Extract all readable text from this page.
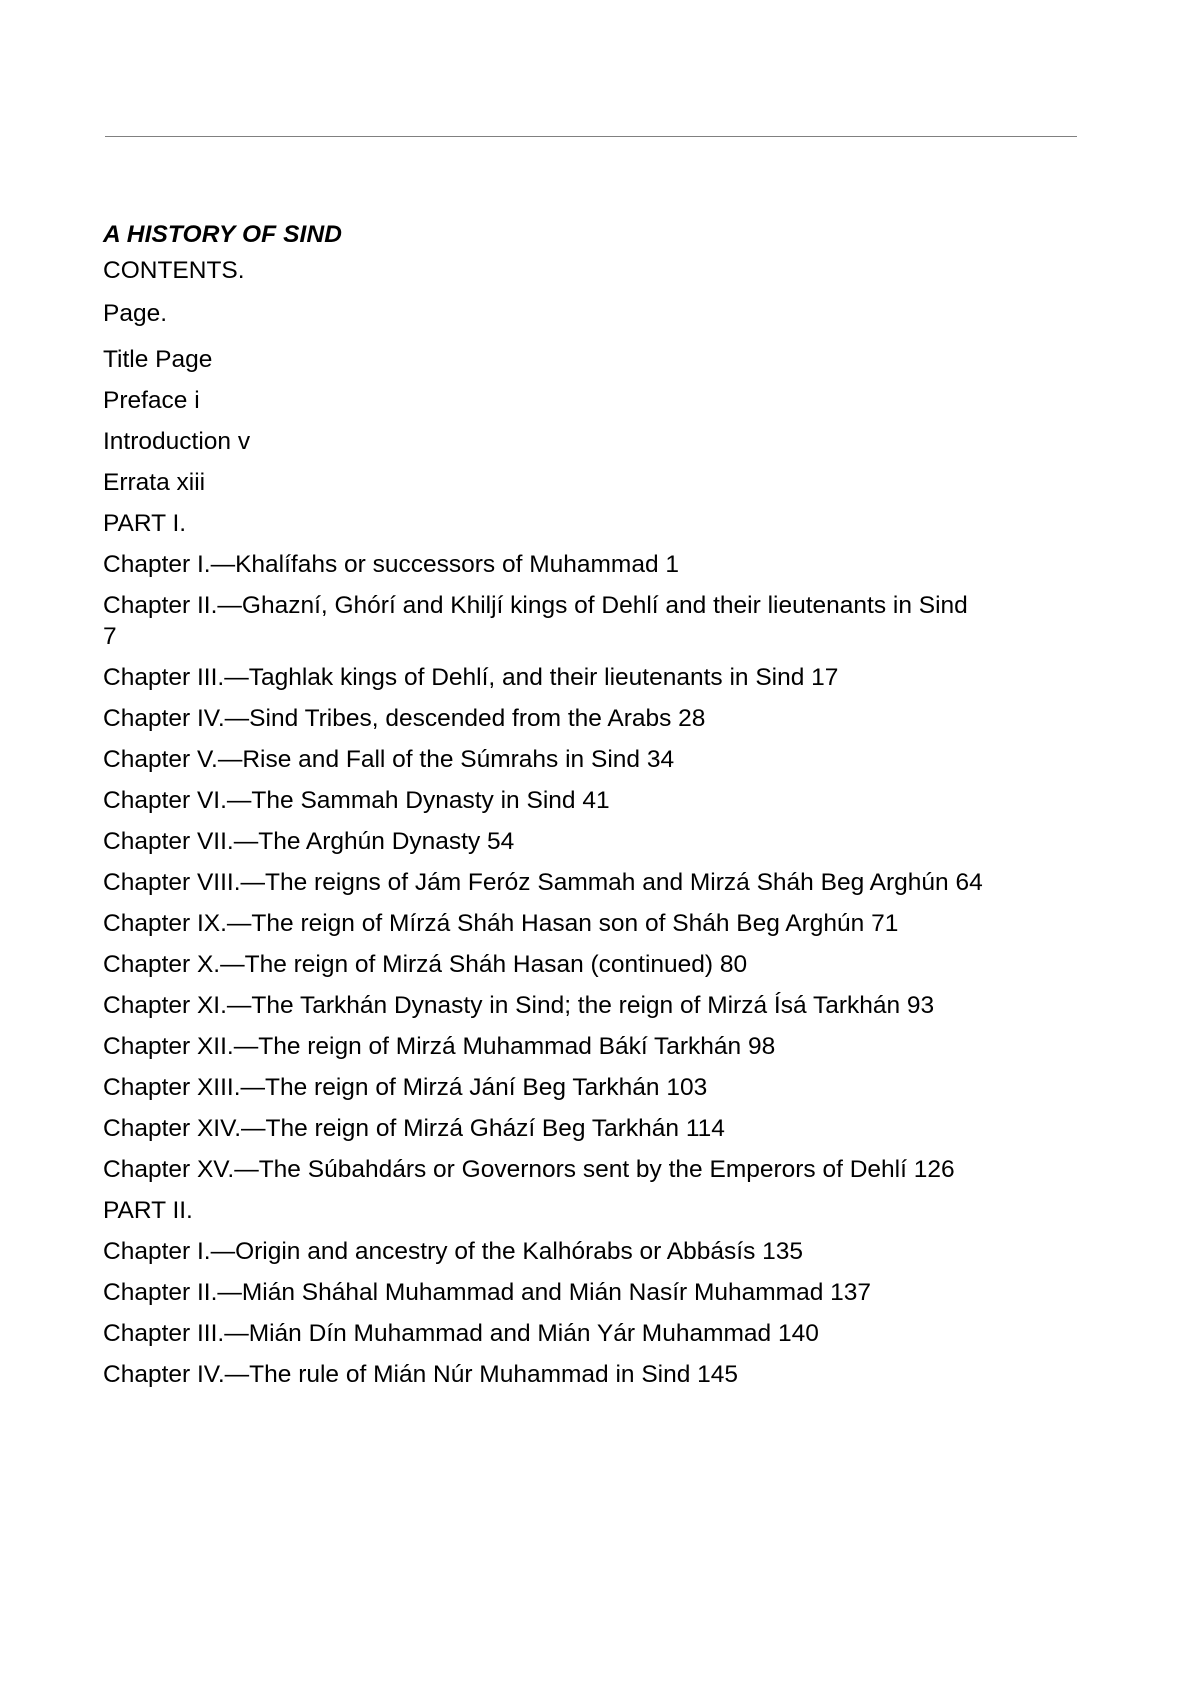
A HISTORY OF SIND
CONTENTS.
Page.
Title Page
Preface i
Introduction v
Errata xiii
PART I.
Chapter I.—Khalífahs or successors of Muhammad 1
Chapter II.—Ghazní, Ghórí and Khiljí kings of Dehlí and their lieutenants in Sind 7
Chapter III.—Taghlak kings of Dehlí, and their lieutenants in Sind 17
Chapter IV.—Sind Tribes, descended from the Arabs 28
Chapter V.—Rise and Fall of the Súmrahs in Sind 34
Chapter VI.—The Sammah Dynasty in Sind 41
Chapter VII.—The Arghún Dynasty 54
Chapter VIII.—The reigns of Jám Feróz Sammah and Mirzá Sháh Beg Arghún 64
Chapter IX.—The reign of Mírzá Sháh Hasan son of Sháh Beg Arghún 71
Chapter X.—The reign of Mirzá Sháh Hasan (continued) 80
Chapter XI.—The Tarkhán Dynasty in Sind; the reign of Mirzá Ísá Tarkhán 93
Chapter XII.—The reign of Mirzá Muhammad Bákí Tarkhán 98
Chapter XIII.—The reign of Mirzá Jání Beg Tarkhán 103
Chapter XIV.—The reign of Mirzá Ghází Beg Tarkhán 114
Chapter XV.—The Súbahdárs or Governors sent by the Emperors of Dehlí 126
PART II.
Chapter I.—Origin and ancestry of the Kalhórabs or Abbásís 135
Chapter II.—Mián Sháhal Muhammad and Mián Nasír Muhammad 137
Chapter III.—Mián Dín Muhammad and Mián Yár Muhammad 140
Chapter IV.—The rule of Mián Núr Muhammad in Sind 145
